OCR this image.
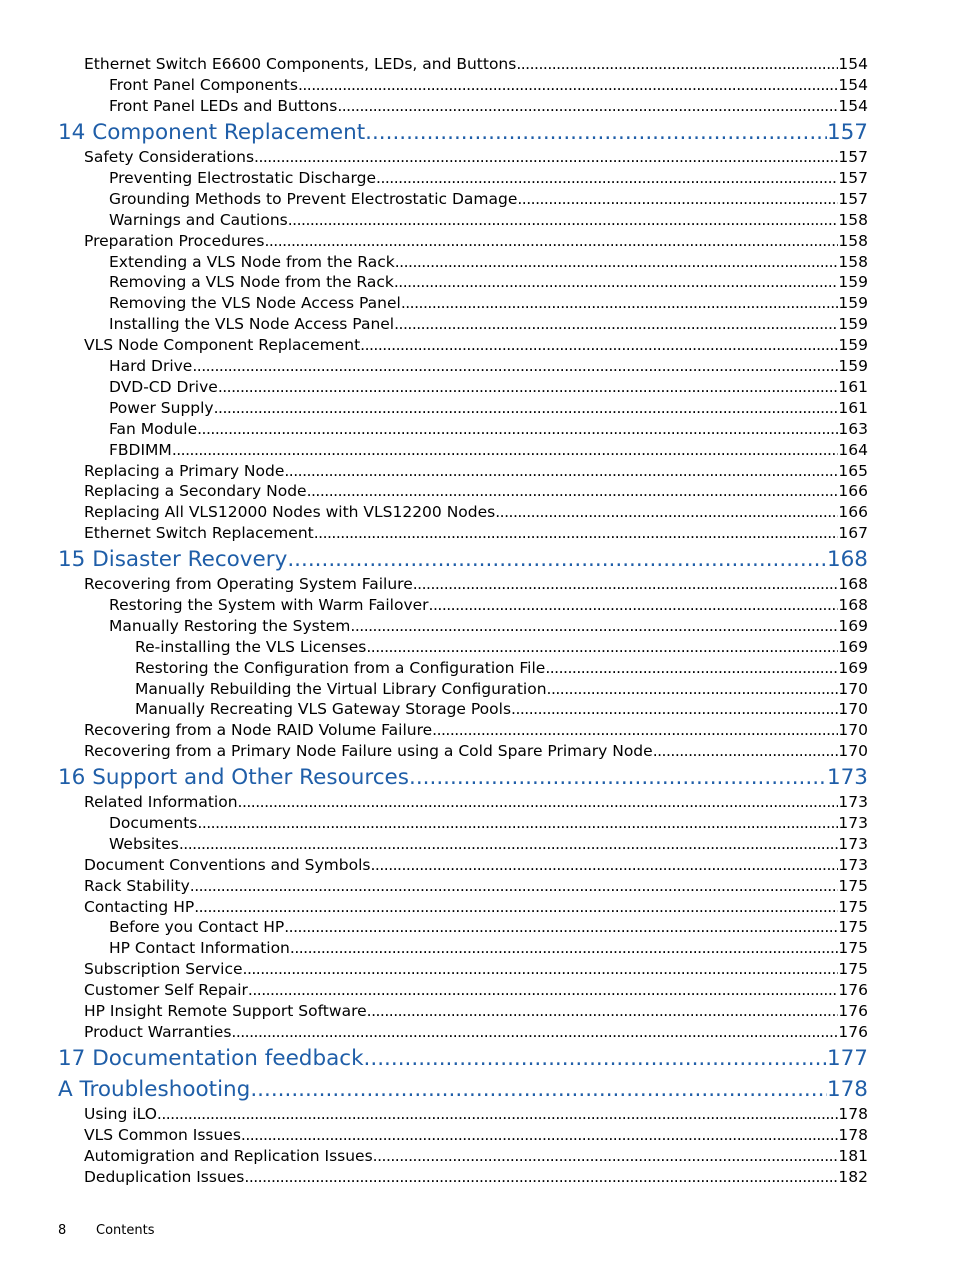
Ethernet Switch E6600 Components, LEDs, and Buttons .....	154
Front Panel Components .....	154
Front Panel LEDs and Buttons .....	154
14 Component Replacement .....	157
Safety Considerations .....	157
Preventing Electrostatic Discharge .....	157
Grounding Methods to Prevent Electrostatic Damage .....	157
Warnings and Cautions .....	158
Preparation Procedures .....	158
Extending a VLS Node from the Rack .....	158
Removing a VLS Node from the Rack .....	159
Removing the VLS Node Access Panel .....	159
Installing the VLS Node Access Panel .....	159
VLS Node Component Replacement .....	159
Hard Drive .....	159
DVD-CD Drive .....	161
Power Supply .....	161
Fan Module .....	163
FBDIMM .....	164
Replacing a Primary Node .....	165
Replacing a Secondary Node .....	166
Replacing All VLS12000 Nodes with VLS12200 Nodes .....	166
Ethernet Switch Replacement .....	167
15 Disaster Recovery .....	168
Recovering from Operating System Failure .....	168
Restoring the System with Warm Failover .....	168
Manually Restoring the System .....	169
Re-installing the VLS Licenses .....	169
Restoring the Configuration from a Configuration File .....	169
Manually Rebuilding the Virtual Library Configuration .....	170
Manually Recreating VLS Gateway Storage Pools .....	170
Recovering from a Node RAID Volume Failure .....	170
Recovering from a Primary Node Failure using a Cold Spare Primary Node .....	170
16 Support and Other Resources .....	173
Related Information .....	173
Documents .....	173
Websites .....	173
Document Conventions and Symbols .....	173
Rack Stability .....	175
Contacting HP .....	175
Before you Contact HP .....	175
HP Contact Information .....	175
Subscription Service .....	175
Customer Self Repair .....	176
HP Insight Remote Support Software .....	176
Product Warranties .....	176
17 Documentation feedback .....	177
A Troubleshooting .....	178
Using iLO .....	178
VLS Common Issues .....	178
Automigration and Replication Issues .....	181
Deduplication Issues .....	182
8	Contents
